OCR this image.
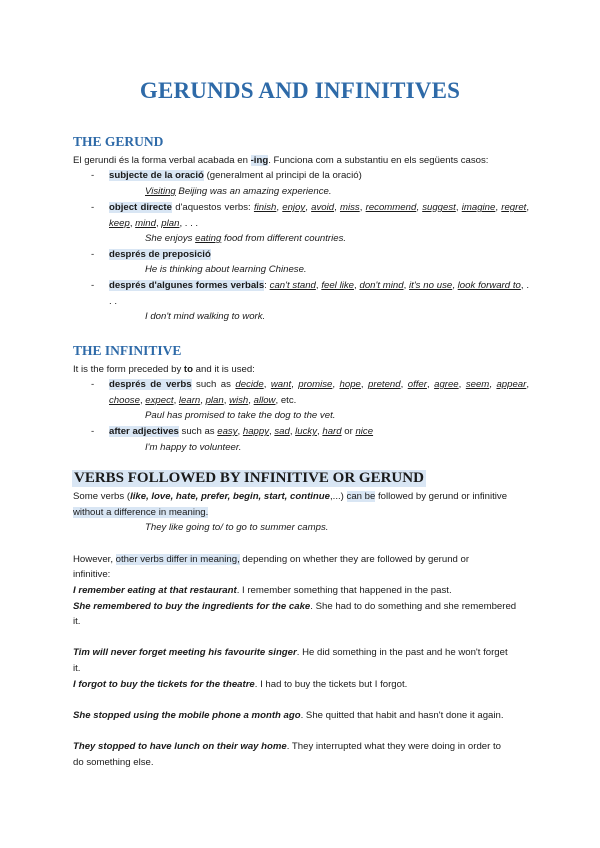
GERUNDS AND INFINITIVES
THE GERUND
El gerundi és la forma verbal acabada en -ing. Funciona com a substantiu en els següents casos:
- subjecte de la oració (generalment al principi de la oració)
Visiting Beijing was an amazing experience.
- object directe d'aquestos verbs: finish, enjoy, avoid, miss, recommend, suggest, imagine, regret, keep, mind, plan, . . .
She enjoys eating food from different countries.
- després de preposició
He is thinking about learning Chinese.
- després d'algunes formes verbals: can't stand, feel like, don't mind, it's no use, look forward to, . . .
I don't mind walking to work.
THE INFINITIVE
It is the form preceded by to and it is used:
- després de verbs such as decide, want, promise, hope, pretend, offer, agree, seem, appear, choose, expect, learn, plan, wish, allow, etc.
Paul has promised to take the dog to the vet.
- after adjectives such as easy, happy, sad, lucky, hard or nice
I'm happy to volunteer.
VERBS FOLLOWED BY INFINITIVE OR GERUND
Some verbs (like, love, hate, prefer, begin, start, continue,...) can be followed by gerund or infinitive
without a difference in meaning.
They like going to/ to go to summer camps.
However, other verbs differ in meaning, depending on whether they are followed by gerund or
infinitive:
I remember eating at that restaurant. I remember something that happened in the past.
She remembered to buy the ingredients for the cake. She had to do something and she remembered
it.
Tim will never forget meeting his favourite singer. He did something in the past and he won't forget
it.
I forgot to buy the tickets for the theatre. I had to buy the tickets but I forgot.
She stopped using the mobile phone a month ago. She quitted that habit and hasn't done it again.
They stopped to have lunch on their way home. They interrupted what they were doing in order to
do something else.
